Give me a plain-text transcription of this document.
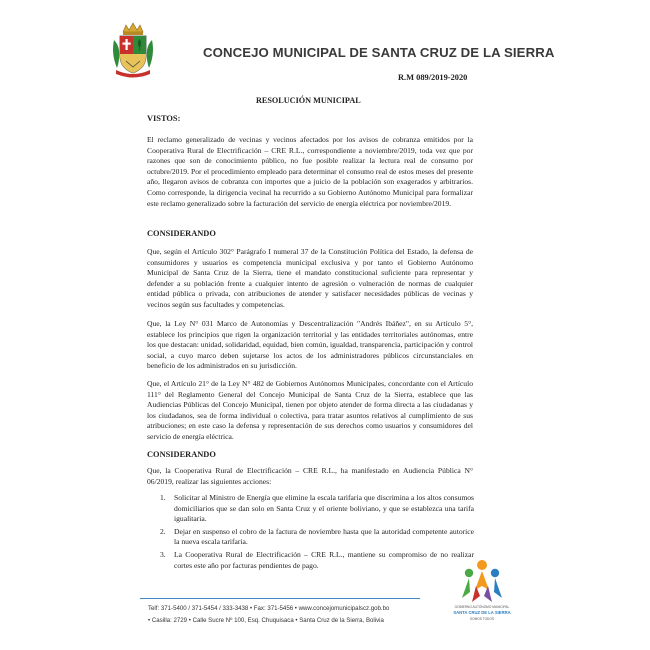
CONCEJO MUNICIPAL DE SANTA CRUZ DE LA SIERRA
R.M 089/2019-2020
RESOLUCIÓN MUNICIPAL
VISTOS:

El reclamo generalizado de vecinas y vecinos afectados por los avisos de cobranza emitidos por la Cooperativa Rural de Electrificación – CRE R.L., correspondiente a noviembre/2019, toda vez que por razones que son de conocimiento público, no fue posible realizar la lectura real de consumo por octubre/2019. Por el procedimiento empleado para determinar el consumo real de estos meses del presente año, llegaron avisos de cobranza con importes que a juicio de la población son exagerados y arbitrarios. Como corresponde, la dirigencia vecinal ha recurrido a su Gobierno Autónomo Municipal para formalizar este reclamo generalizado sobre la facturación del servicio de energía eléctrica por noviembre/2019.

CONSIDERANDO

Que, según el Artículo 302° Parágrafo I numeral 37 de la Constitución Política del Estado, la defensa de consumidores y usuarios es competencia municipal exclusiva y por tanto el Gobierno Autónomo Municipal de Santa Cruz de la Sierra, tiene el mandato constitucional suficiente para representar y defender a su población frente a cualquier intento de agresión o vulneración de normas de cualquier entidad pública o privada, con atribuciones de atender y satisfacer necesidades públicas de vecinas y vecinos según sus facultades y competencias.

Que, la Ley N° 031 Marco de Autonomías y Descentralización "Andrés Ibáñez", en su Artículo 5°, establece los principios que rigen la organización territorial y las entidades territoriales autónomas, entre los que destacan: unidad, solidaridad, equidad, bien común, igualdad, transparencia, participación y control social, a cuyo marco deben sujetarse los actos de los administradores públicos circunstanciales en beneficio de los administrados en su jurisdicción.

Que, el Artículo 21° de la Ley N° 482 de Gobiernos Autónomos Municipales, concordante con el Artículo 111° del Reglamento General del Concejo Municipal de Santa Cruz de la Sierra, establece que las Audiencias Públicas del Concejo Municipal, tienen por objeto atender de forma directa a las ciudadanas y los ciudadanos, sea de forma individual o colectiva, para tratar asuntos relativos al cumplimiento de sus atribuciones; en este caso la defensa y representación de sus derechos como usuarios y consumidores del servicio de energía eléctrica.

CONSIDERANDO

Que, la Cooperativa Rural de Electrificación – CRE R.L., ha manifestado en Audiencia Pública N° 06/2019, realizar las siguientes acciones:

1. Solicitar al Ministro de Energía que elimine la escala tarifaria que discrimina a los altos consumos domiciliarios que se dan solo en Santa Cruz y el oriente boliviano, y que se establezca una tarifa igualitaria.
2. Dejar en suspenso el cobro de la factura de noviembre hasta que la autoridad competente autorice la nueva escala tarifaria.
3. La Cooperativa Rural de Electrificación – CRE R.L., mantiene su compromiso de no realizar cortes este año por facturas pendientes de pago.
Telf: 371-5400 / 371-5454 / 333-3438 • Fax: 371-5456 • www.concejomunicipalscz.gob.bo
• Casilla: 2729 • Calle Sucre Nº 100, Esq. Chuquisaca • Santa Cruz de la Sierra, Bolivia
GOBIERNO AUTÓNOMO MUNICIPAL
SANTA CRUZ DE LA SIERRA
SOMOS TODOS
